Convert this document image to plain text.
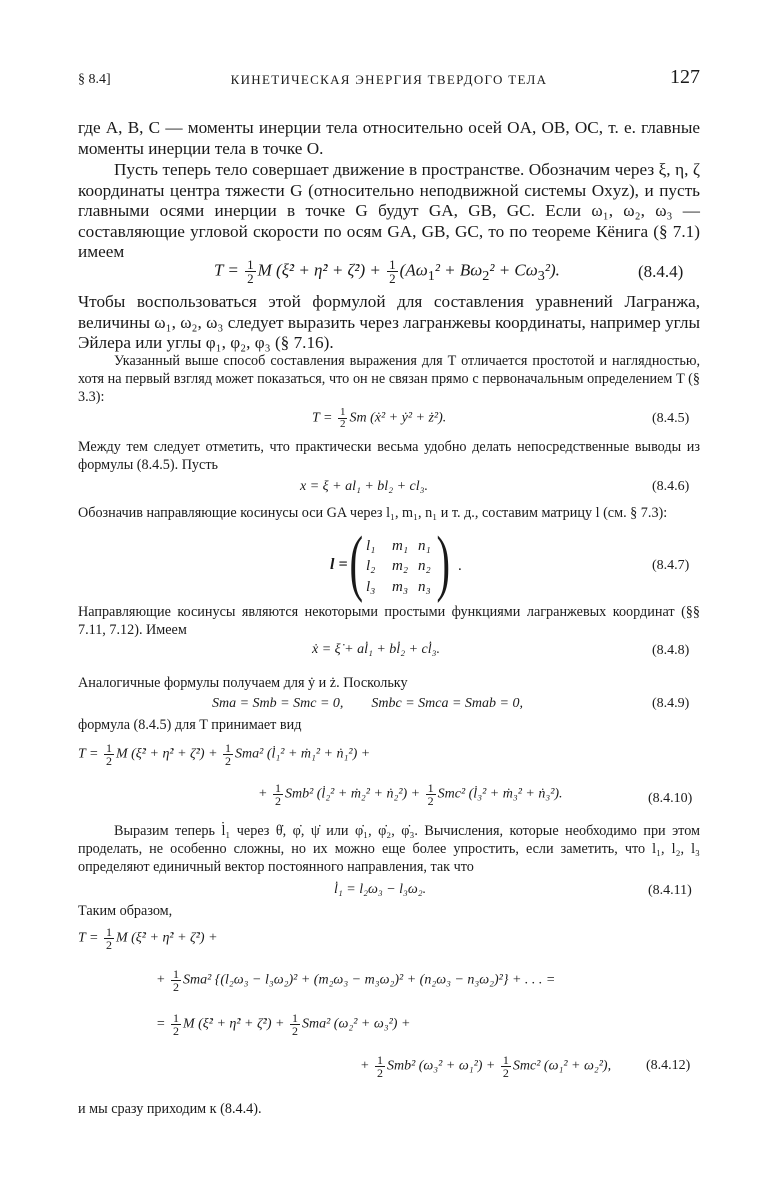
§ 8.4]	КИНЕТИЧЕСКАЯ ЭНЕРГИЯ ТВЕРДОГО ТЕЛА	127

где A, B, C — моменты инерции тела относительно осей OA, OB, OC, т. е. главные моменты инерции тела в точке O.

Пусть теперь тело совершает движение в пространстве. Обозначим через ξ, η, ζ координаты центра тяжести G (относительно неподвижной системы Oxyz), и пусть главными осями инерции в точке G будут GA, GB, GC. Если ω₁, ω₂, ω₃ — составляющие угловой скорости по осям GA, GB, GC, то по теореме Кёнига (§ 7.1) имеем

$T = \frac{1}{2}$ M (ξ̇² + η̇² + ζ̇²) + $\frac{1}{2} (A\omega_1^2 + B\omega_2^2 + C\omega_3^2)$.	(8.4.4)

Чтобы воспользоваться этой формулой для составления уравнений Лагранжа, величины ω₁, ω₂, ω₃ следует выразить через лагранжевы координаты, например углы Эйлера или углы φ₁, φ₂, φ₃ (§ 7.16).

Указанный выше способ составления выражения для T отличается простотой и наглядностью, хотя на первый взгляд может показаться, что он не связан прямо с первоначальным определением T (§ 3.3):

$T = \frac{1}{2}$ Sm (ẋ² + ẏ² + ż²).	(8.4.5)

Между тем следует отметить, что практически весьма удобно делать непосредственные выводы из формулы (8.4.5). Пусть

x = ξ + al₁ + bl₂ + cl₃.	(8.4.6)

Обозначив направляющие косинусы оси GA через l₁, m₁, n₁ и т. д., составим матрицу l (см. § 7.3):

l = ( l₁ m₁ n₁
l₂ m₂ n₂
l₃ m₃ n₃ ) .	(8.4.7)

Направляющие косинусы являются некоторыми простыми функциями лагранжевых координат (§§ 7.11, 7.12). Имеем

ẋ = ξ̇ + al̇₁ + bl̇₂ + cl̇₃.	(8.4.8)

Аналогичные формулы получаем для ẏ и ż. Поскольку

Sma = Smb = Smc = 0, Smbc = Smca = Smab = 0,	(8.4.9)

формула (8.4.5) для T принимает вид

$T = \frac{1}{2}$ M (ξ̇² + η̇² + ζ̇²) + $\frac{1}{2} Sma^2$ (l̇₁² + ṁ₁² + ṅ₁²) +
+ $\frac{1}{2} Smb^2$ (l̇₂² + ṁ₂² + ṅ₂²) + $\frac{1}{2} Smc^2$ (l̇₃² + ṁ₃² + ṅ₃²).	(8.4.10)

Выразим теперь l̇₁ через θ̇, φ̇, ψ̇ или φ̇₁, φ̇₂, φ̇₃. Вычисления, которые необходимо при этом проделать, не особенно сложны, но их можно еще более упростить, если заметить, что l₁, l₂, l₃ определяют единичный вектор постоянного направления, так что

l̇₁ = l₂ω₃ − l₃ω₂.	(8.4.11)

Таким образом,

$T = \frac{1}{2}$ M (ξ̇² + η̇² + ζ̇²) +
+ $\frac{1}{2} Sma^2$ {(l₂ω₃ − l₃ω₂)² + (m₂ω₃ − m₃ω₂)² + (n₂ω₃ − n₃ω₂)²} + . . . =
= $\frac{1}{2}$ M (ξ̇² + η̇² + ζ̇²) + $\frac{1}{2} Sma^2$ (ω₂² + ω₃²) +
+ $\frac{1}{2} Smb^2$ $(\omega_3^2 + \omega_1^2) + \frac{1}{2} Smc^2$ (ω₁² + ω₂²), (8.4.12)

и мы сразу приходим к (8.4.4).
